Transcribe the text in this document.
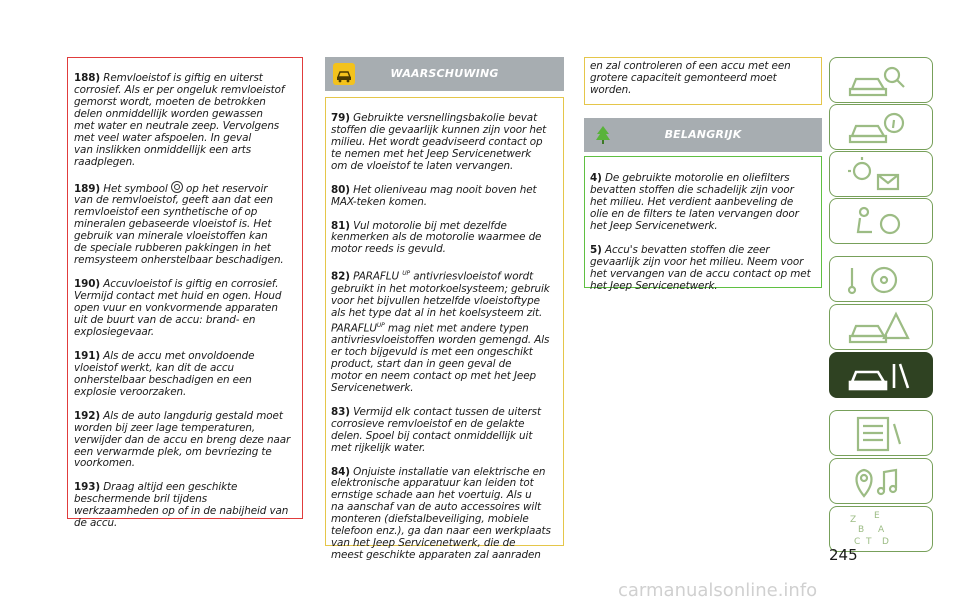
188) Remvloeistof is giftig en uiterst
corrosief. Als er per ongeluk remvloeistof
gemorst wordt, moeten de betrokken
delen onmiddellijk worden gewassen
met water en neutrale zeep. Vervolgens
met veel water afspoelen. In geval
van inslikken onmiddellijk een arts
raadplegen.

189) Het symbool op het reservoir
van de remvloeistof, geeft aan dat een
remvloeistof een synthetische of op
mineralen gebaseerde vloeistof is. Het
gebruik van minerale vloeistoffen kan
de speciale rubberen pakkingen in het
remsysteem onherstelbaar beschadigen.

190) Accuvloeistof is giftig en corrosief.
Vermijd contact met huid en ogen. Houd
open vuur en vonkvormende apparaten
uit de buurt van de accu: brand- en
explosiegevaar.

191) Als de accu met onvoldoende
vloeistof werkt, kan dit de accu
onherstelbaar beschadigen en een
explosie veroorzaken.

192) Als de auto langdurig gestald moet
worden bij zeer lage temperaturen,
verwijder dan de accu en breng deze naar
een verwarmde plek, om bevriezing te
voorkomen.

193) Draag altijd een geschikte
beschermende bril tijdens
werkzaamheden op of in de nabijheid van
de accu.

WAARSCHUWING

79) Gebruikte versnellingsbakolie bevat
stoffen die gevaarlijk kunnen zijn voor het
milieu. Het wordt geadviseerd contact op
te nemen met het Jeep Servicenetwerk
om de vloeistof te laten vervangen.

80) Het olieniveau mag nooit boven het
MAX-teken komen.

81) Vul motorolie bij met dezelfde
kenmerken als de motorolie waarmee de
motor reeds is gevuld.

82) PARAFLU $^{UP}$ antivriesvloeistof wordt
gebruikt in het motorkoelsysteem; gebruik
voor het bijvullen hetzelfde vloeistoftype
als het type dat al in het koelsysteem zit.
$PARAFLU^{UP}$ mag niet met andere typen
antivriesvloeistoffen worden gemengd. Als
er toch bijgevuld is met een ongeschikt
product, start dan in geen geval de
motor en neem contact op met het Jeep
Servicenetwerk.

83) Vermijd elk contact tussen de uiterst
corrosieve remvloeistof en de gelakte
delen. Spoel bij contact onmiddellijk uit
met rijkelijk water.

84) Onjuiste installatie van elektrische en
elektronische apparatuur kan leiden tot
ernstige schade aan het voertuig. Als u
na aanschaf van de auto accessoires wilt
monteren (diefstalbeveiliging, mobiele
telefoon enz.), ga dan naar een werkplaats
van het Jeep Servicenetwerk, die de
meest geschikte apparaten zal aanraden

en zal controleren of een accu met een
grotere capaciteit gemonteerd moet
worden.
BELANGRIJK

4) De gebruikte motorolie en oliefilters
bevatten stoffen die schadelijk zijn voor
het milieu. Het verdient aanbeveling de
olie en de filters te laten vervangen door
het Jeep Servicenetwerk.

5) Accu's bevatten stoffen die zeer
gevaarlijk zijn voor het milieu. Neem voor
het vervangen van de accu contact op met
het Jeep Servicenetwerk.

Z E
B A
C T D
245
carmanualsonline.info
